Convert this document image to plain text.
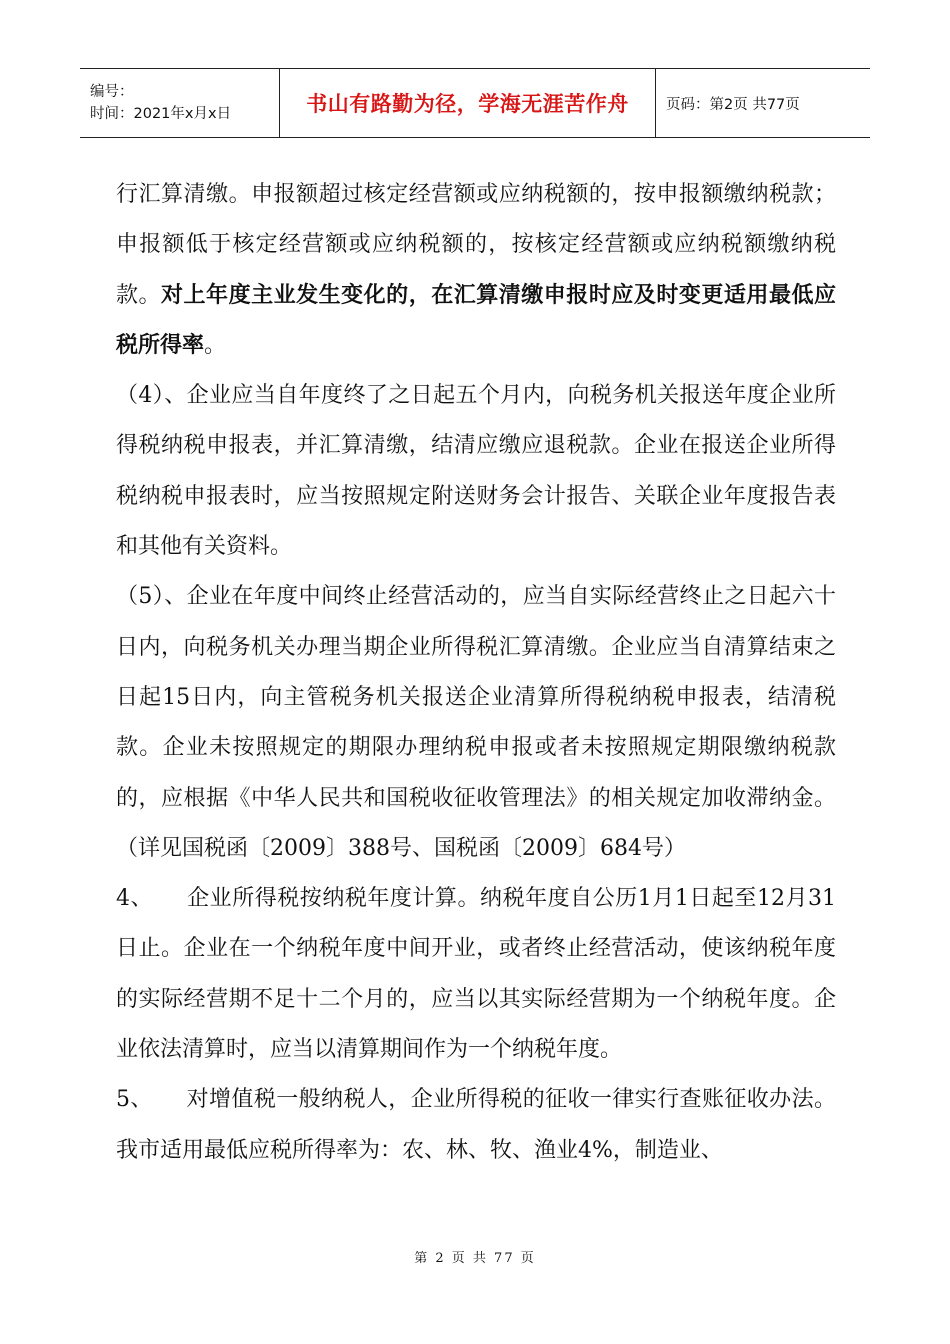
编号：
时间：2021年x月x日	书山有路勤为径，学海无涯苦作舟	页码：第2页 共77页

行汇算清缴。申报额超过核定经营额或应纳税额的，按申报额缴纳税款；申报额低于核定经营额或应纳税额的，按核定经营额或应纳税额缴纳税款。对上年度主业发生变化的，在汇算清缴申报时应及时变更适用最低应税所得率。

（4）、企业应当自年度终了之日起五个月内，向税务机关报送年度企业所得税纳税申报表，并汇算清缴，结清应缴应退税款。企业在报送企业所得税纳税申报表时，应当按照规定附送财务会计报告、关联企业年度报告表和其他有关资料。

（5）、企业在年度中间终止经营活动的，应当自实际经营终止之日起六十日内，向税务机关办理当期企业所得税汇算清缴。企业应当自清算结束之日起15日内，向主管税务机关报送企业清算所得税纳税申报表，结清税款。企业未按照规定的期限办理纳税申报或者未按照规定期限缴纳税款的，应根据《中华人民共和国税收征收管理法》的相关规定加收滞纳金。（详见国税函〔2009〕388号、国税函〔2009〕684号）

4、　　企业所得税按纳税年度计算。纳税年度自公历1月1日起至12月31日止。企业在一个纳税年度中间开业，或者终止经营活动，使该纳税年度的实际经营期不足十二个月的，应当以其实际经营期为一个纳税年度。企业依法清算时，应当以清算期间作为一个纳税年度。

5、　　对增值税一般纳税人，企业所得税的征收一律实行查账征收办法。我市适用最低应税所得率为：农、林、牧、渔业4%，制造业、

第 2 页 共 77 页
